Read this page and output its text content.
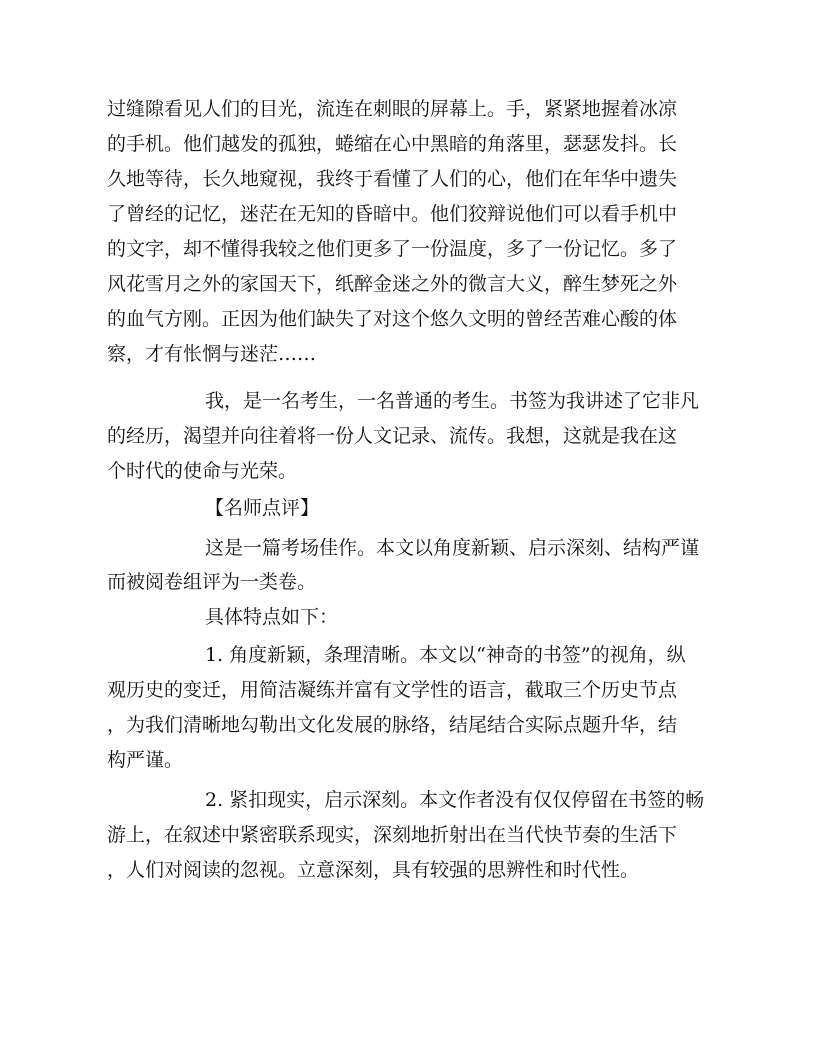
过缝隙看见人们的目光，流连在刺眼的屏幕上。手，紧紧地握着冰凉
的手机。他们越发的孤独，蜷缩在心中黑暗的角落里，瑟瑟发抖。长
久地等待，长久地窥视，我终于看懂了人们的心，他们在年华中遗失
了曾经的记忆，迷茫在无知的昏暗中。他们狡辩说他们可以看手机中
的文字，却不懂得我较之他们更多了一份温度，多了一份记忆。多了
风花雪月之外的家国天下，纸醉金迷之外的微言大义，醉生梦死之外
的血气方刚。正因为他们缺失了对这个悠久文明的曾经苦难心酸的体
察，才有怅惘与迷茫……
我，是一名考生，一名普通的考生。书签为我讲述了它非凡
的经历，渴望并向往着将一份人文记录、流传。我想，这就是我在这
个时代的使命与光荣。
【名师点评】
这是一篇考场佳作。本文以角度新颖、启示深刻、结构严谨
而被阅卷组评为一类卷。
具体特点如下：
1. 角度新颖，条理清晰。本文以“神奇的书签”的视角，纵
观历史的变迁，用简洁凝练并富有文学性的语言，截取三个历史节点
，为我们清晰地勾勒出文化发展的脉络，结尾结合实际点题升华，结
构严谨。
2. 紧扣现实，启示深刻。本文作者没有仅仅停留在书签的畅
游上，在叙述中紧密联系现实，深刻地折射出在当代快节奏的生活下
，人们对阅读的忽视。立意深刻，具有较强的思辨性和时代性。
